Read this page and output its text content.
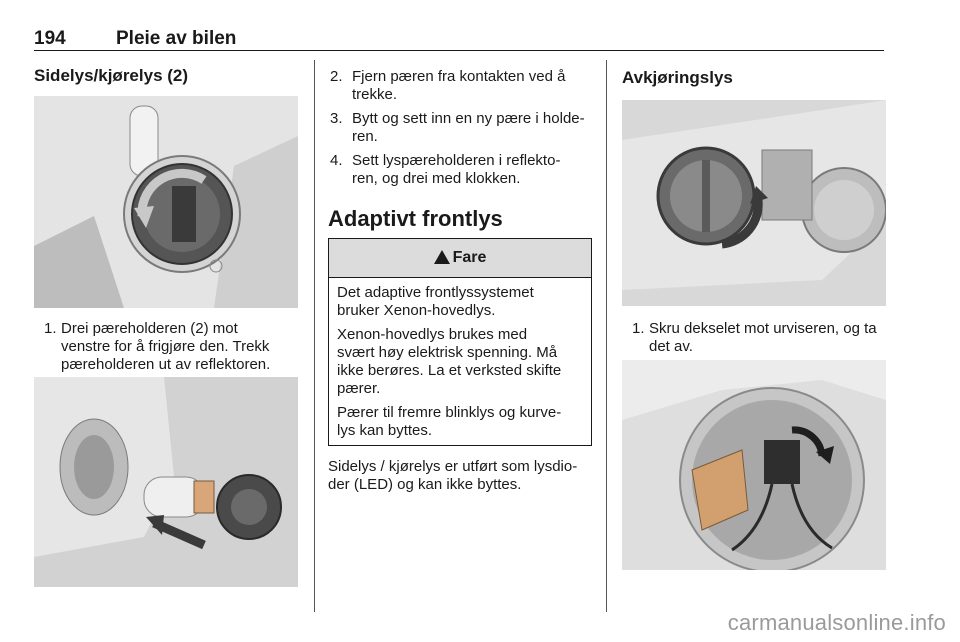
194	Pleie av bilen
Sidelys/kjørelys (2)
1. Drei pæreholderen (2) mot
venstre for å frigjøre den. Trekk
pæreholderen ut av reflektoren.
2. Fjern pæren fra kontakten ved å
trekke.
3. Bytt og sett inn en ny pære i holde-
ren.
4. Sett lyspæreholderen i reflekto-
ren, og drei med klokken.
Adaptivt frontlys
Fare

Det adaptive frontlyssystemet
bruker Xenon-hovedlys.

Xenon-hovedlys brukes med
svært høy elektrisk spenning. Må
ikke berøres. La et verksted skifte
pærer.

Pærer til fremre blinklys og kurve-
lys kan byttes.

Sidelys / kjørelys er utført som lysdio-
der (LED) og kan ikke byttes.
Avkjøringslys
1. Skru dekselet mot urviseren, og ta
det av.
carmanualsonline.info
